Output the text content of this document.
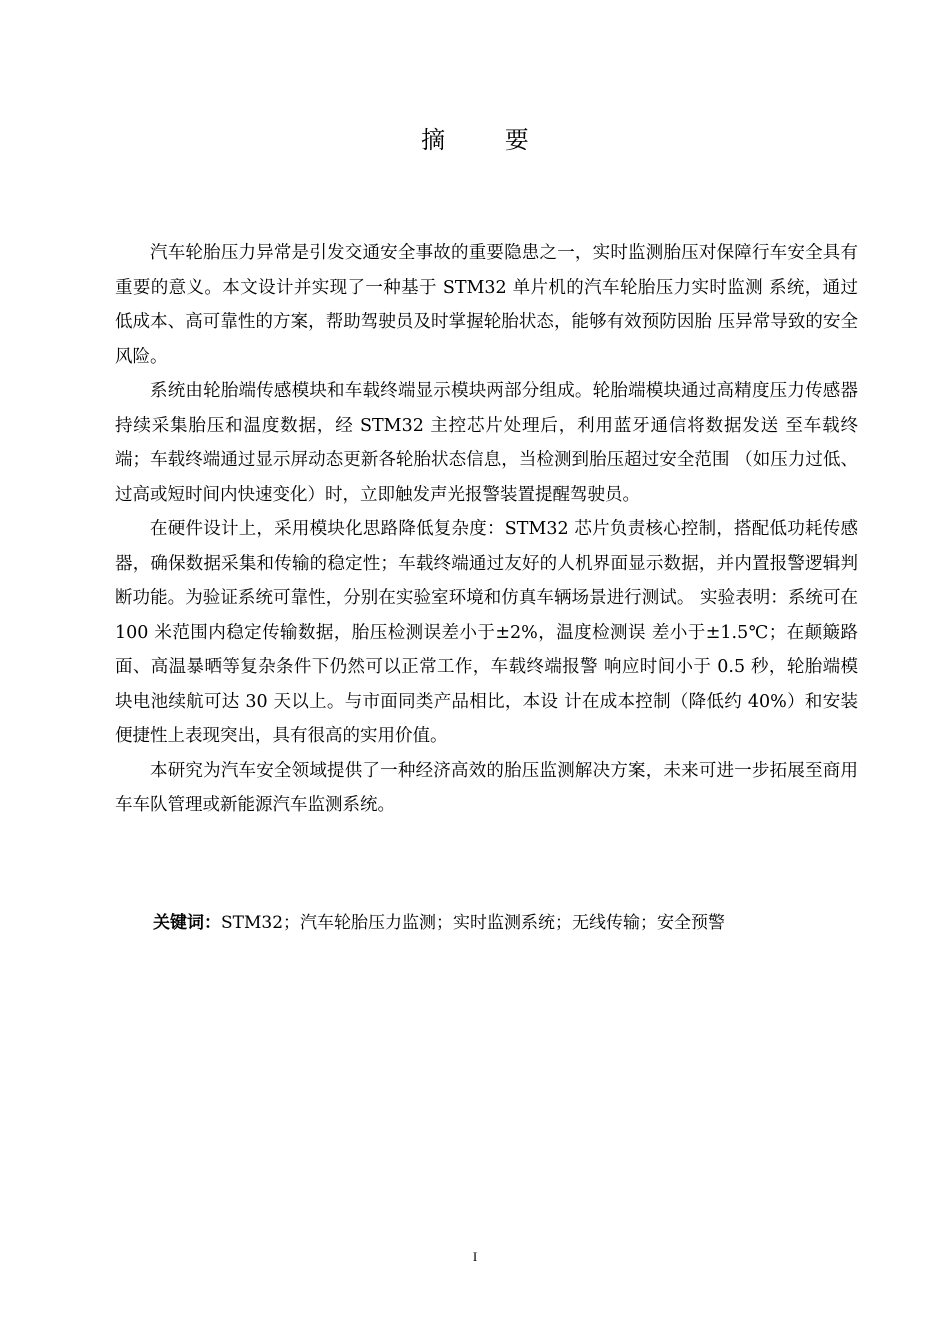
摘 要

汽车轮胎压力异常是引发交通安全事故的重要隐患之一，实时监测胎压对保障行车安全具有重要的意义。本文设计并实现了一种基于 STM32 单片机的汽车轮胎压力实时监测 系统，通过低成本、高可靠性的方案，帮助驾驶员及时掌握轮胎状态，能够有效预防因胎 压异常导致的安全风险。

系统由轮胎端传感模块和车载终端显示模块两部分组成。轮胎端模块通过高精度压力传感器持续采集胎压和温度数据，经 STM32 主控芯片处理后，利用蓝牙通信将数据发送 至车载终端；车载终端通过显示屏动态更新各轮胎状态信息，当检测到胎压超过安全范围 （如压力过低、过高或短时间内快速变化）时，立即触发声光报警装置提醒驾驶员。

在硬件设计上，采用模块化思路降低复杂度：STM32 芯片负责核心控制，搭配低功耗传感器，确保数据采集和传输的稳定性；车载终端通过友好的人机界面显示数据，并内置报警逻辑判断功能。为验证系统可靠性，分别在实验室环境和仿真车辆场景进行测试。 实验表明：系统可在 100 米范围内稳定传输数据，胎压检测误差小于±2%，温度检测误 差小于±1.5℃；在颠簸路面、高温暴晒等复杂条件下仍然可以正常工作，车载终端报警 响应时间小于 0.5 秒，轮胎端模块电池续航可达 30 天以上。与市面同类产品相比，本设 计在成本控制（降低约 40%）和安装便捷性上表现突出，具有很高的实用价值。

本研究为汽车安全领域提供了一种经济高效的胎压监测解决方案，未来可进一步拓展至商用车车队管理或新能源汽车监测系统。

关键词：STM32；汽车轮胎压力监测；实时监测系统；无线传输；安全预警
I
